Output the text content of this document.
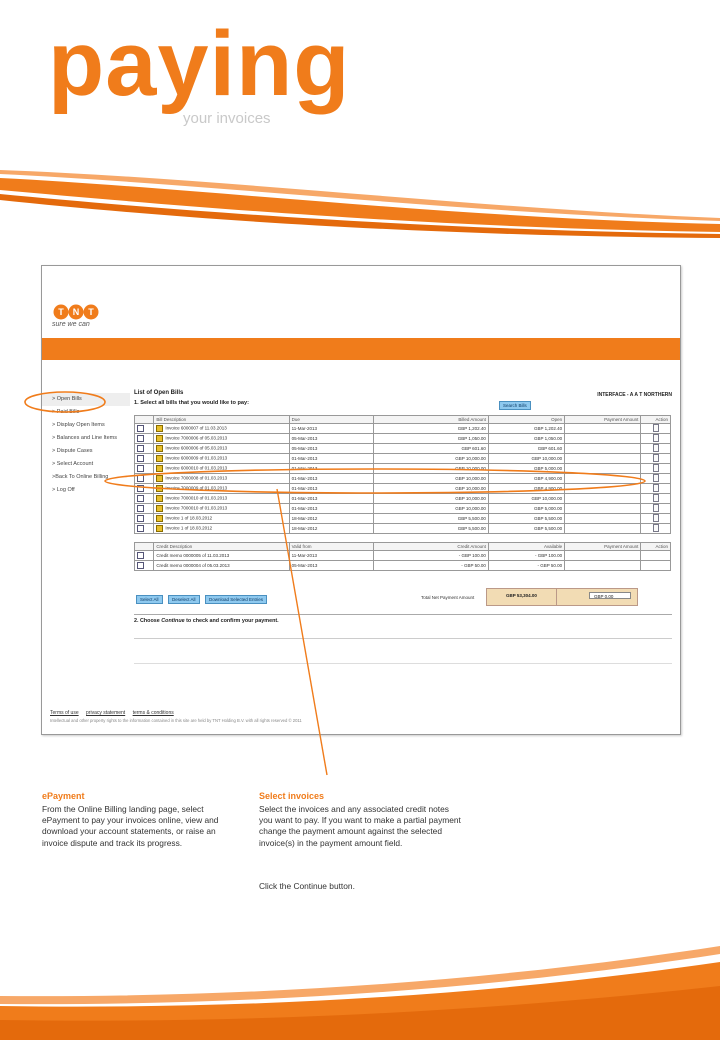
paying
your invoices
T N T
sure we can
> Open Bills
> Paid Bills
> Display Open Items
> Balances and Line Items
> Dispute Cases
> Select Account
>Back To Online Billing
> Log Off
List of Open Bills
1. Select all bills that you would like to pay:
INTERFACE - A A T NORTHERN
Search Bills
	Bill Description	Due	Billed Amount	Open	Payment Amount	Action
	Invoice 6000007 of 11.03.2013	11-Mar-2013	GBP 1,202.40	GBP 1,202.40		
	Invoice 7000006 of 05.03.2013	05-Mar-2013	GBP 1,050.00	GBP 1,050.00		
	Invoice 6000006 of 05.03.2013	05-Mar-2013	GBP 601.60	GBP 601.60		
	Invoice 6000009 of 01.03.2013	01-Mar-2013	GBP 10,000.00	GBP 10,000.00		
	Invoice 6000010 of 01.03.2013	01-Mar-2013	GBP 10,000.00	GBP 5,000.00		
	Invoice 7000008 of 01.03.2013	01-Mar-2013	GBP 10,000.00	GBP 4,900.00		
	Invoice 7000009 of 01.03.2013	01-Mar-2013	GBP 10,000.00	GBP 4,900.00		
	Invoice 7000010 of 01.03.2013	01-Mar-2013	GBP 10,000.00	GBP 10,000.00		
	Invoice 7000010 of 01.03.2013	01-Mar-2013	GBP 10,000.00	GBP 5,000.00		
	Invoice 1 of 18.03.2012	18-Mar-2012	GBP 5,500.00	GBP 5,500.00		
	Invoice 1 of 18.03.2012	18-Mar-2012	GBP 5,500.00	GBP 5,500.00		
	Credit Description	Valid from	Credit Amount	Available	Payment Amount	Action
	Credit memo 0000005 of 11.03.2013	11-Mar-2013	- GBP 100.00	- GBP 100.00		
	Credit memo 0000004 of 05.03.2013	05-Mar-2013	- GBP 50.00	- GBP 50.00		
Select All	Deselect All	Download Selected Entries	Total Net Payment Amount	GBP 53,304.00	GBP 0.00
2. Choose Continue to check and confirm your payment.
Terms of use privacy statement terms & conditions
Intellectual and other property rights to the information contained in this site are held by TNT Holding B.V. with all rights reserved © 2011
ePayment
From the Online Billing landing page, select ePayment to pay your invoices online, view and download your account statements, or raise an invoice dispute and track its progress.
Select invoices
Select the invoices and any associated credit notes you want to pay. If you want to make a partial payment change the payment amount against the selected invoice(s) in the payment amount field.
Click the Continue button.
